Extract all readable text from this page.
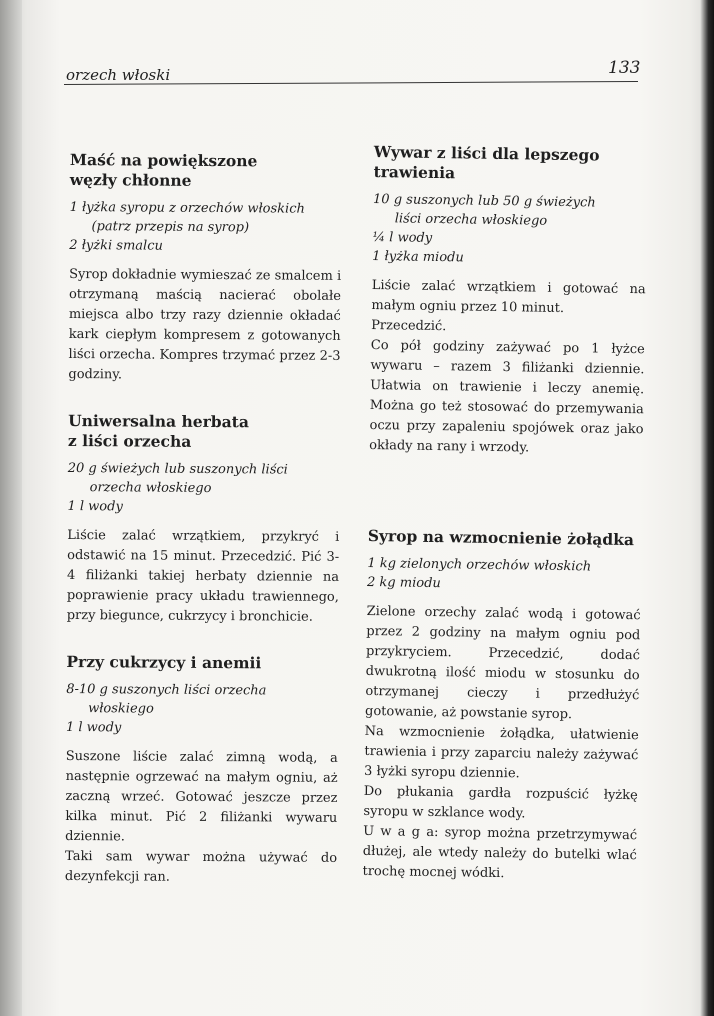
orzech włoski	133
Maść na powiększone
węzły chłonne
1 łyżka syropu z orzechów włoskich
(patrz przepis na syrop)
2 łyżki smalcu

Syrop dokładnie wymieszać ze smalcem i otrzymaną maścią nacierać obolałe miejsca albo trzy razy dziennie okładać kark ciepłym kompresem z gotowanych liści orzecha. Kompres trzymać przez 2-3 godziny.

Uniwersalna herbata
z liści orzecha
20 g świeżych lub suszonych liści
orzecha włoskiego
1 l wody

Liście zalać wrzątkiem, przykryć i odstawić na 15 minut. Przecedzić. Pić 3-4 filiżanki takiej herbaty dziennie na poprawienie pracy układu trawiennego, przy biegunce, cukrzycy i bronchicie.

Przy cukrzycy i anemii
8-10 g suszonych liści orzecha
włoskiego
1 l wody

Suszone liście zalać zimną wodą, a następnie ogrzewać na małym ogniu, aż zaczną wrzeć. Gotować jeszcze przez kilka minut. Pić 2 filiżanki wywaru dziennie.

Taki sam wywar można używać do dezynfekcji ran.

Wywar z liści dla lepszego
trawienia
10 g suszonych lub 50 g świeżych
liści orzecha włoskiego
¼ l wody
1 łyżka miodu

Liście zalać wrzątkiem i gotować na małym ogniu przez 10 minut.

Przecedzić.

Co pół godziny zażywać po 1 łyżce wywaru – razem 3 filiżanki dziennie. Ułatwia on trawienie i leczy anemię. Można go też stosować do przemywania oczu przy zapaleniu spojówek oraz jako okłady na rany i wrzody.

Syrop na wzmocnienie żołądka
1 kg zielonych orzechów włoskich
2 kg miodu

Zielone orzechy zalać wodą i gotować przez 2 godziny na małym ogniu pod przykryciem. Przecedzić, dodać dwukrotną ilość miodu w stosunku do otrzymanej cieczy i przedłużyć gotowanie, aż powstanie syrop.

Na wzmocnienie żołądka, ułatwienie trawienia i przy zaparciu należy zażywać 3 łyżki syropu dziennie.

Do płukania gardła rozpuścić łyżkę syropu w szklance wody.

U w a g a: syrop można przetrzymywać dłużej, ale wtedy należy do butelki wlać trochę mocnej wódki.
